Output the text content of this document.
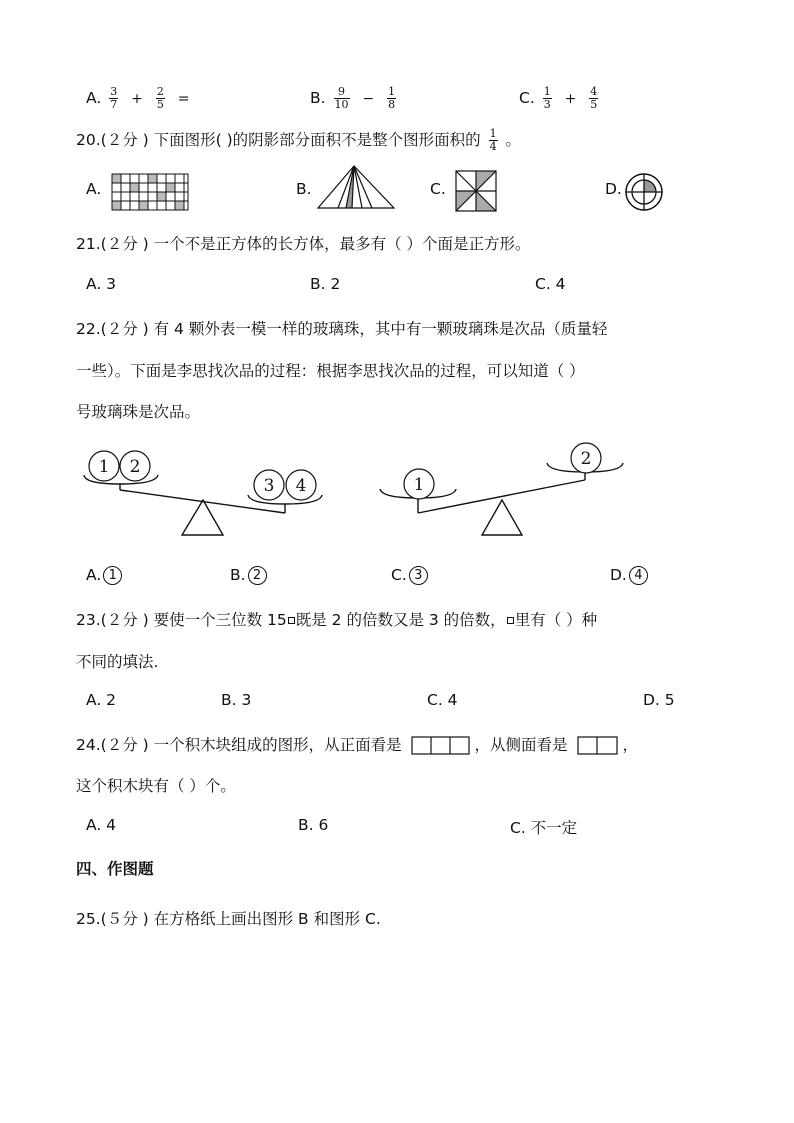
A. $\frac{3}{7} + \frac{2}{5}$ =	B. $\frac{9}{10} - \frac{1}{8}$	C. $\frac{1}{3} + \frac{4}{5}$
20.(２分 ) 下面图形( )的阴影部分面积不是整个图形面积的 $\frac{1}{4}$ 。
A.	B.	C.	D.
21.(２分 ) 一个不是正方体的长方体，最多有（ ）个面是正方形。
A. 3	B. 2	C. 4
22.(２分 ) 有 4 颗外表一模一样的玻璃珠，其中有一颗玻璃珠是次品（质量轻
一些）。下面是李思找次品的过程：根据李思找次品的过程，可以知道（ ）
号玻璃珠是次品。
1 2
3 4	1
2
A. 1	B. 2	C. 3	D. 4
23.(２分 ) 要使一个三位数 15 既是 2 的倍数又是 3 的倍数， 里有（ ）种
不同的填法.
A. 2	B. 3	C. 4	D. 5
24.(２分 ) 一个积木块组成的图形，从正面看是	，从侧面看是	，
这个积木块有（ ）个。
A. 4	B. 6	C. 不一定
四、作图题
25.(５分 ) 在方格纸上画出图形 B 和图形 C.
